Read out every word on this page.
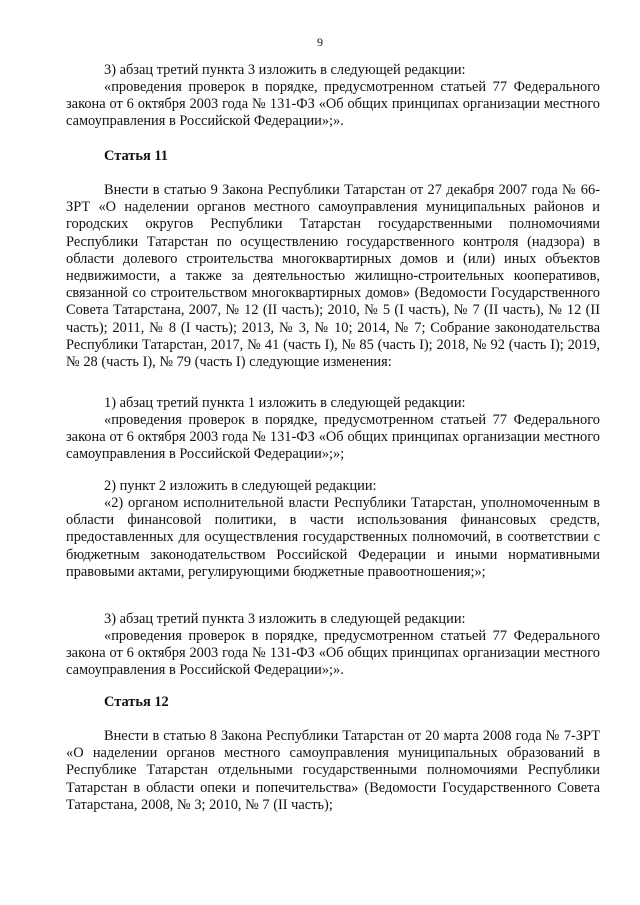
9

3) абзац третий пункта 3 изложить в следующей редакции:

«проведения проверок в порядке, предусмотренном статьей 77 Федерального закона от 6 октября 2003 года № 131-ФЗ «Об общих принципах организации местного самоуправления в Российской Федерации»;».

Статья 11

Внести в статью 9 Закона Республики Татарстан от 27 декабря 2007 года № 66-ЗРТ «О наделении органов местного самоуправления муниципальных районов и городских округов Республики Татарстан государственными полномочиями Республики Татарстан по осуществлению государственного контроля (надзора) в области долевого строительства многоквартирных домов и (или) иных объектов недвижимости, а также за деятельностью жилищно-строительных кооперативов, связанной со строительством многоквартирных домов» (Ведомости Государственного Совета Татарстана, 2007, № 12 (II часть); 2010, № 5 (I часть), № 7 (II часть), № 12 (II часть); 2011, № 8 (I часть); 2013, № 3, № 10; 2014, № 7; Собрание законодательства Республики Татарстан, 2017, № 41 (часть I), № 85 (часть I); 2018, № 92 (часть I); 2019, № 28 (часть I), № 79 (часть I) следующие изменения:

1) абзац третий пункта 1 изложить в следующей редакции:

«проведения проверок в порядке, предусмотренном статьей 77 Федерального закона от 6 октября 2003 года № 131-ФЗ «Об общих принципах организации местного самоуправления в Российской Федерации»;»;

2) пункт 2 изложить в следующей редакции:

«2) органом исполнительной власти Республики Татарстан, уполномоченным в области финансовой политики, в части использования финансовых средств, предоставленных для осуществления государственных полномочий, в соответствии с бюджетным законодательством Российской Федерации и иными нормативными правовыми актами, регулирующими бюджетные правоотношения;»;

3) абзац третий пункта 3 изложить в следующей редакции:

«проведения проверок в порядке, предусмотренном статьей 77 Федерального закона от 6 октября 2003 года № 131-ФЗ «Об общих принципах организации местного самоуправления в Российской Федерации»;».

Статья 12

Внести в статью 8 Закона Республики Татарстан от 20 марта 2008 года № 7-ЗРТ «О наделении органов местного самоуправления муниципальных образований в Республике Татарстан отдельными государственными полномочиями Республики Татарстан в области опеки и попечительства» (Ведомости Государственного Совета Татарстана, 2008, № 3; 2010, № 7 (II часть);
